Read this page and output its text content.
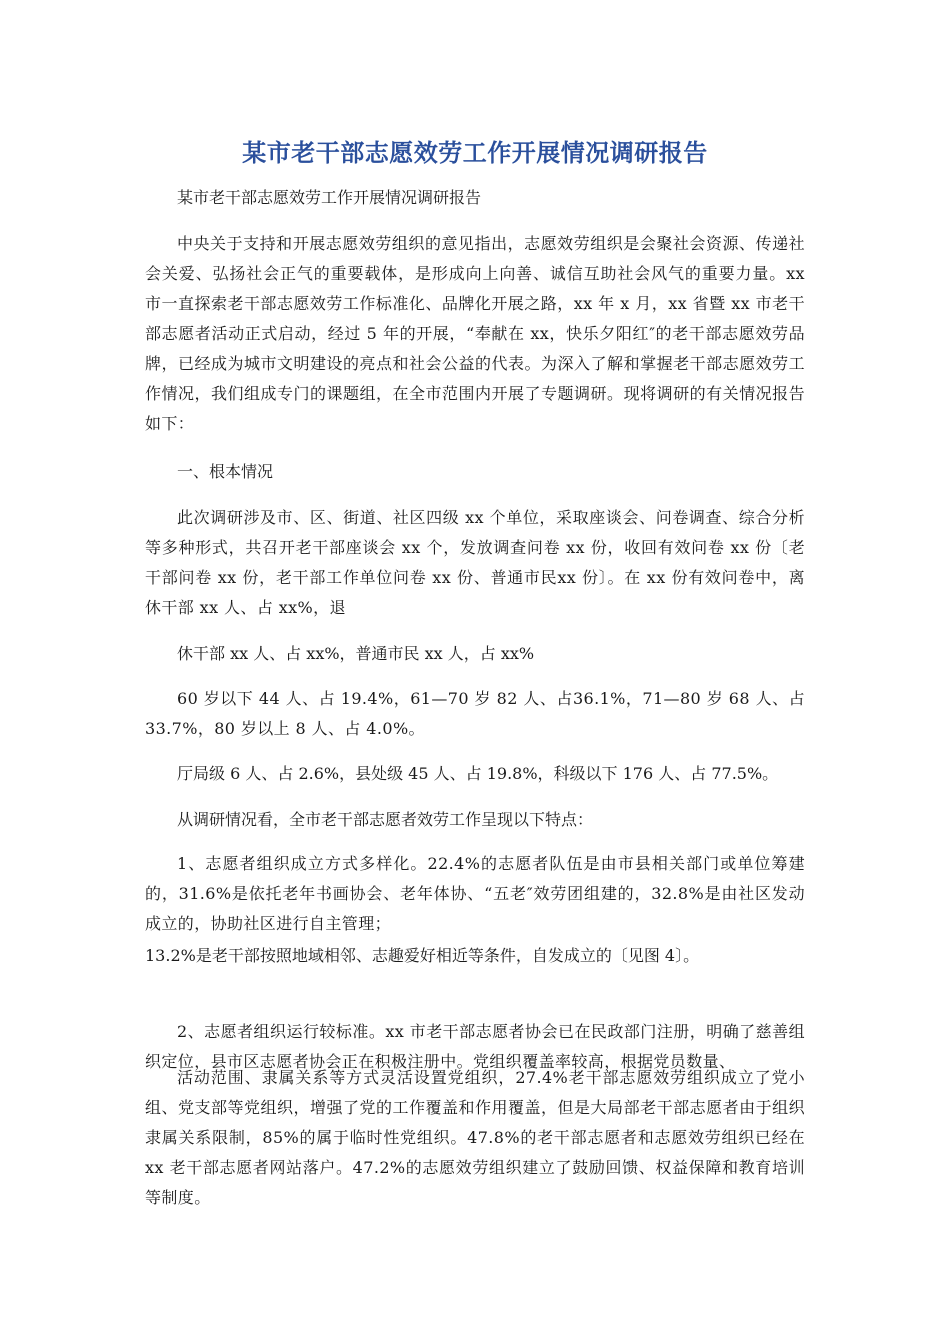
某市老干部志愿效劳工作开展情况调研报告
某市老干部志愿效劳工作开展情况调研报告
中央关于支持和开展志愿效劳组织的意见指出，志愿效劳组织是会聚社会资源、传递社会关爱、弘扬社会正气的重要载体，是形成向上向善、诚信互助社会风气的重要力量。xx 市一直探索老干部志愿效劳工作标准化、品牌化开展之路，xx 年 x 月，xx 省暨 xx 市老干部志愿者活动正式启动，经过 5 年的开展，“奉献在 xx，快乐夕阳红″的老干部志愿效劳品牌，已经成为城市文明建设的亮点和社会公益的代表。为深入了解和掌握老干部志愿效劳工作情况，我们组成专门的课题组，在全市范围内开展了专题调研。现将调研的有关情况报告如下：
一、根本情况
此次调研涉及市、区、街道、社区四级 xx 个单位，采取座谈会、问卷调查、综合分析等多种形式，共召开老干部座谈会 xx 个，发放调查问卷 xx 份，收回有效问卷 xx 份〔老干部问卷 xx 份，老干部工作单位问卷 xx 份、普通市民xx 份〕。在 xx 份有效问卷中，离休干部 xx 人、占 xx%，退
休干部 xx 人、占 xx%，普通市民 xx 人，占 xx%
60 岁以下 44 人、占 19.4%，61—70 岁 82 人、占36.1%，71—80 岁 68 人、占 33.7%，80 岁以上 8 人、占 4.0%。
厅局级 6 人、占 2.6%，县处级 45 人、占 19.8%，科级以下 176 人、占 77.5%。
从调研情况看，全市老干部志愿者效劳工作呈现以下特点：
1、志愿者组织成立方式多样化。22.4%的志愿者队伍是由市县相关部门或单位筹建的，31.6%是依托老年书画协会、老年体协、“五老″效劳团组建的，32.8%是由社区发动成立的，协助社区进行自主管理；
13.2%是老干部按照地域相邻、志趣爱好相近等条件，自发成立的〔见图 4〕。
2、志愿者组织运行较标准。xx 市老干部志愿者协会已在民政部门注册，明确了慈善组织定位，县市区志愿者协会正在积极注册中。党组织覆盖率较高，根据党员数量、
活动范围、隶属关系等方式灵活设置党组织，27.4%老干部志愿效劳组织成立了党小组、党支部等党组织，增强了党的工作覆盖和作用覆盖，但是大局部老干部志愿者由于组织隶属关系限制，85%的属于临时性党组织。47.8%的老干部志愿者和志愿效劳组织已经在 xx 老干部志愿者网站落户。47.2%的志愿效劳组织建立了鼓励回馈、权益保障和教育培训等制度。
